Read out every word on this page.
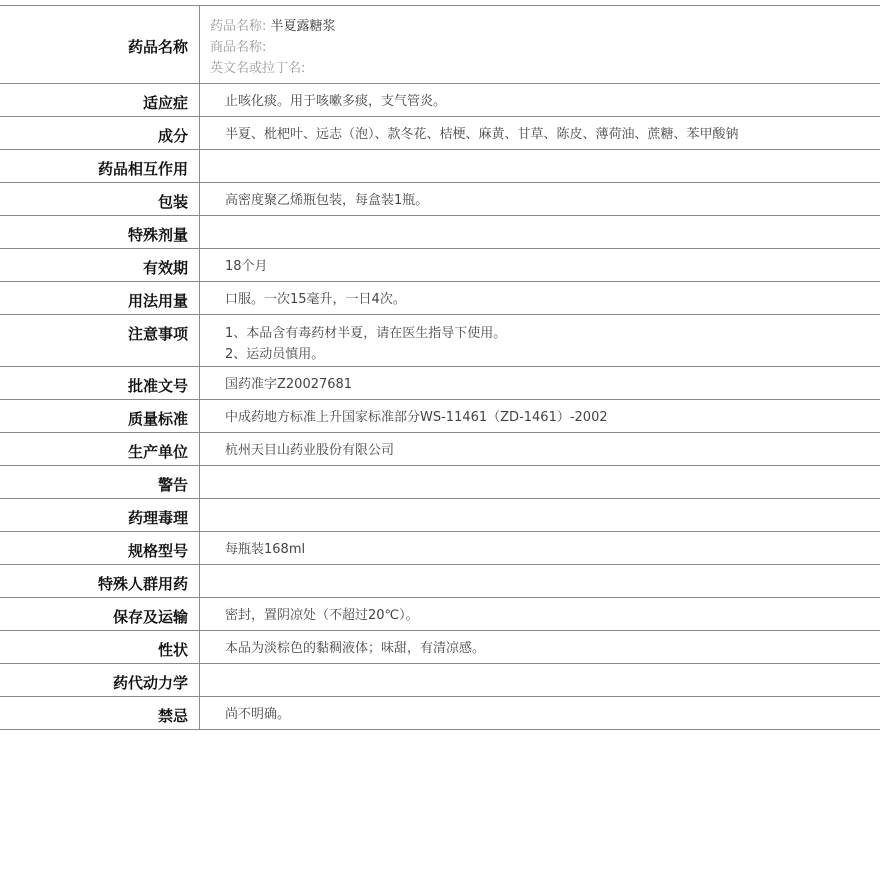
药品名称
药品名称: 半夏露糖浆
商品名称:
英文名或拉丁名:
适应症	止咳化痰。用于咳嗽多痰，支气管炎。
成分	半夏、枇杷叶、远志（泡）、款冬花、桔梗、麻黄、甘草、陈皮、薄荷油、蔗糖、苯甲酸钠
药品相互作用
包装	高密度聚乙烯瓶包装，每盒装1瓶。
特殊剂量
有效期	18个月
用法用量	口服。一次15毫升，一日4次。
注意事项	1、本品含有毒药材半夏，请在医生指导下使用。
2、运动员慎用。
批准文号	国药准字Z20027681
质量标准	中成药地方标准上升国家标准部分WS-11461（ZD-1461）-2002
生产单位	杭州天目山药业股份有限公司
警告
药理毒理
规格型号	每瓶装168ml
特殊人群用药
保存及运输	密封，置阴凉处（不超过20℃）。
性状	本品为淡棕色的黏稠液体；味甜，有清凉感。
药代动力学
禁忌	尚不明确。
